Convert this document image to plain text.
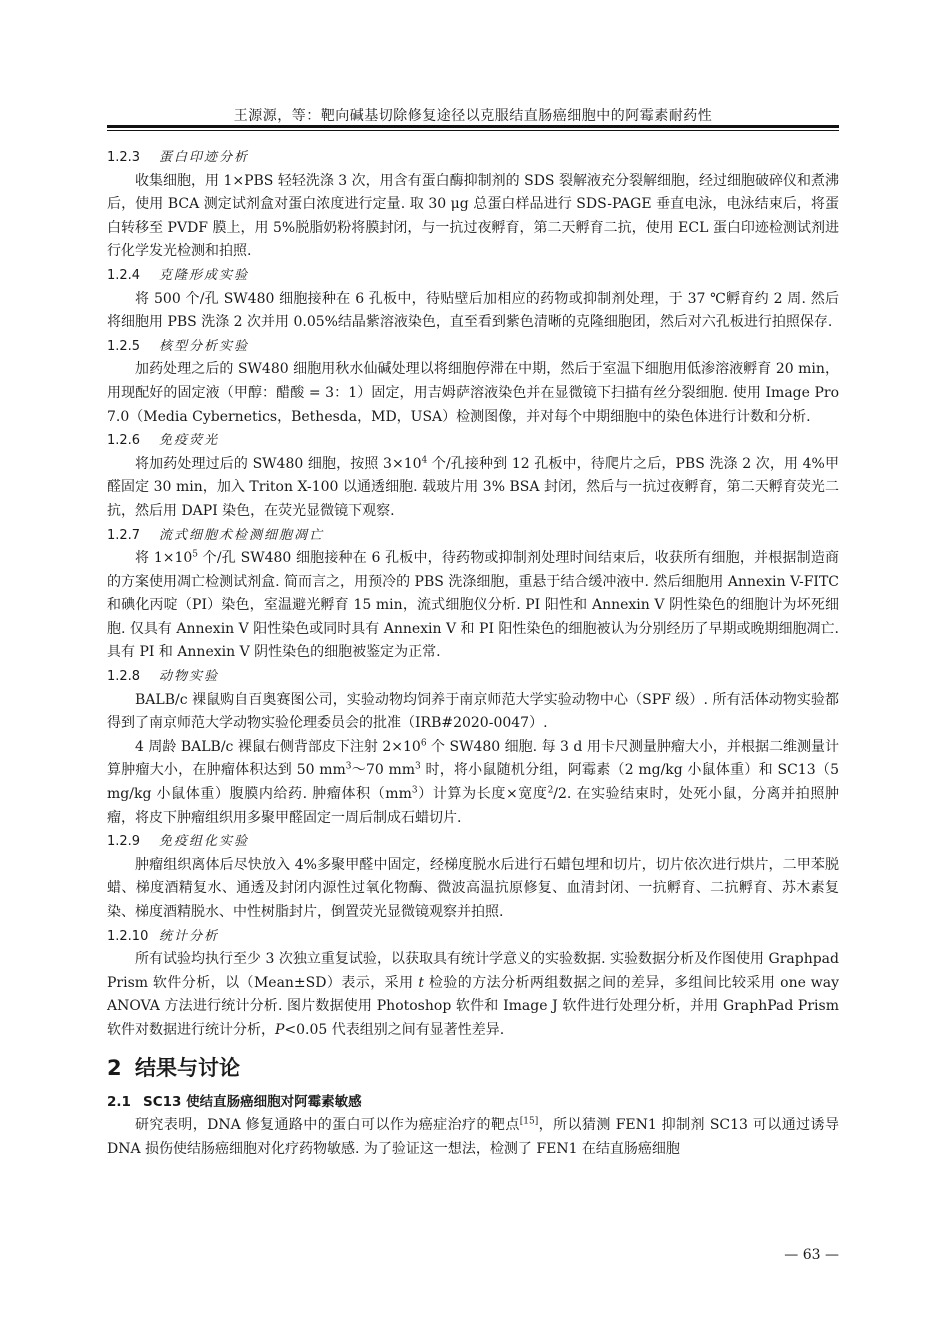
王源源，等：靶向碱基切除修复途径以克服结直肠癌细胞中的阿霉素耐药性

1.2.3 蛋白印迹分析

收集细胞，用 1×PBS 轻轻洗涤 3 次，用含有蛋白酶抑制剂的 SDS 裂解液充分裂解细胞，经过细胞破碎仪和煮沸后，使用 BCA 测定试剂盒对蛋白浓度进行定量. 取 30 μg 总蛋白样品进行 SDS-PAGE 垂直电泳，电泳结束后，将蛋白转移至 PVDF 膜上，用 5%脱脂奶粉将膜封闭，与一抗过夜孵育，第二天孵育二抗，使用 ECL 蛋白印迹检测试剂进行化学发光检测和拍照.

1.2.4 克隆形成实验

将 500 个/孔 SW480 细胞接种在 6 孔板中，待贴壁后加相应的药物或抑制剂处理，于 37 ℃孵育约 2 周. 然后将细胞用 PBS 洗涤 2 次并用 0.05%结晶紫溶液染色，直至看到紫色清晰的克隆细胞团，然后对六孔板进行拍照保存.

1.2.5 核型分析实验

加药处理之后的 SW480 细胞用秋水仙碱处理以将细胞停滞在中期，然后于室温下细胞用低渗溶液孵育 20 min，用现配好的固定液（甲醇：醋酸 = 3：1）固定，用吉姆萨溶液染色并在显微镜下扫描有丝分裂细胞. 使用 Image Pro 7.0（Media Cybernetics，Bethesda，MD，USA）检测图像，并对每个中期细胞中的染色体进行计数和分析.

1.2.6 免疫荧光

将加药处理过后的 SW480 细胞，按照 $3\times 10^4$ 个/孔接种到 12 孔板中，待爬片之后，PBS 洗涤 2 次，用 4%甲醛固定 30 min，加入 Triton X-100 以通透细胞. 载玻片用 3% BSA 封闭，然后与一抗过夜孵育，第二天孵育荧光二抗，然后用 DAPI 染色，在荧光显微镜下观察.

1.2.7 流式细胞术检测细胞凋亡

将 $1\times 10^5$ 个/孔 SW480 细胞接种在 6 孔板中，待药物或抑制剂处理时间结束后，收获所有细胞，并根据制造商的方案使用凋亡检测试剂盒. 简而言之，用预冷的 PBS 洗涤细胞，重悬于结合缓冲液中. 然后细胞用 Annexin V-FITC 和碘化丙啶（PI）染色，室温避光孵育 15 min，流式细胞仪分析. PI 阳性和 Annexin V 阴性染色的细胞计为坏死细胞. 仅具有 Annexin V 阳性染色或同时具有 Annexin V 和 PI 阳性染色的细胞被认为分别经历了早期或晚期细胞凋亡. 具有 PI 和 Annexin V 阴性染色的细胞被鉴定为正常.

1.2.8 动物实验

BALB/c 裸鼠购自百奥赛图公司，实验动物均饲养于南京师范大学实验动物中心（SPF 级）. 所有活体动物实验都得到了南京师范大学动物实验伦理委员会的批准（IRB#2020-0047）.

4 周龄 BALB/c 裸鼠右侧背部皮下注射 $2\times 10^6$ 个 SW480 细胞. 每 3 d 用卡尺测量肿瘤大小，并根据二维测量计算肿瘤大小，在肿瘤体积达到 50 $mm^3\sim 70$ $mm^3$ 时，将小鼠随机分组，阿霉素（2 mg/kg 小鼠体重）和 SC13（5 mg/kg 小鼠体重）腹膜内给药. 肿瘤体积$(mm^3)$计算为长度×宽度$^2$/2. 在实验结束时，处死小鼠，分离并拍照肿瘤，将皮下肿瘤组织用多聚甲醛固定一周后制成石蜡切片.

1.2.9 免疫组化实验

肿瘤组织离体后尽快放入 4%多聚甲醛中固定，经梯度脱水后进行石蜡包埋和切片，切片依次进行烘片，二甲苯脱蜡、梯度酒精复水、通透及封闭内源性过氧化物酶、微波高温抗原修复、血清封闭、一抗孵育、二抗孵育、苏木素复染、梯度酒精脱水、中性树脂封片，倒置荧光显微镜观察并拍照.

1.2.10 统计分析

所有试验均执行至少 3 次独立重复试验，以获取具有统计学意义的实验数据. 实验数据分析及作图使用 Graphpad Prism 软件分析，以（Mean±SD）表示，采用 t 检验的方法分析两组数据之间的差异，多组间比较采用 one way ANOVA 方法进行统计分析. 图片数据使用 Photoshop 软件和 Image J 软件进行处理分析，并用 GraphPad Prism 软件对数据进行统计分析，P<0.05 代表组别之间有显著性差异.

2 结果与讨论

2.1 SC13 使结直肠癌细胞对阿霉素敏感

研究表明，DNA 修复通路中的蛋白可以作为癌症治疗的靶点[15]，所以猜测 FEN1 抑制剂 SC13 可以通过诱导 DNA 损伤使结肠癌细胞对化疗药物敏感. 为了验证这一想法，检测了 FEN1 在结直肠癌细胞

— 63 —
